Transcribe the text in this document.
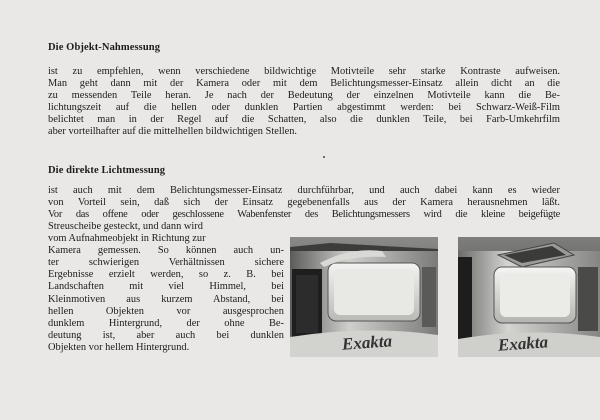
Die Objekt-Nahmessung
ist zu empfehlen, wenn verschiedene bildwichtige Motivteile sehr starke Kontraste aufweisen.
Man geht dann mit der Kamera oder mit dem Belichtungsmesser-Einsatz allein dicht an die
zu messenden Teile heran. Je nach der Bedeutung der einzelnen Motivteile kann die Be-
lichtungszeit auf die hellen oder dunklen Partien abgestimmt werden: bei Schwarz-Weiß-Film
belichtet man in der Regel auf die Schatten, also die dunklen Teile, bei Farb-Umkehrfilm
aber vorteilhafter auf die mittelhellen bildwichtigen Stellen.
Die direkte Lichtmessung
ist auch mit dem Belichtungsmesser-Einsatz durchführbar, und auch dabei kann es wieder
von Vorteil sein, daß sich der Einsatz gegebenenfalls aus der Kamera herausnehmen läßt.
Vor das offene oder geschlossene Wabenfenster des Belichtungsmessers wird die kleine beigefügte
Streuscheibe gesteckt, und dann wird
vom Aufnahmeobjekt in Richtung zur
Kamera gemessen. So können auch un-
ter schwierigen Verhältnissen sichere
Ergebnisse erzielt werden, so z. B. bei
Landschaften mit viel Himmel, bei
Kleinmotiven aus kurzem Abstand, bei
hellen Objekten vor ausgesprochen
dunklem Hintergrund, der ohne Be-
deutung ist, aber auch bei dunklen
Objekten vor hellem Hintergrund.	Exakta	Exakta
